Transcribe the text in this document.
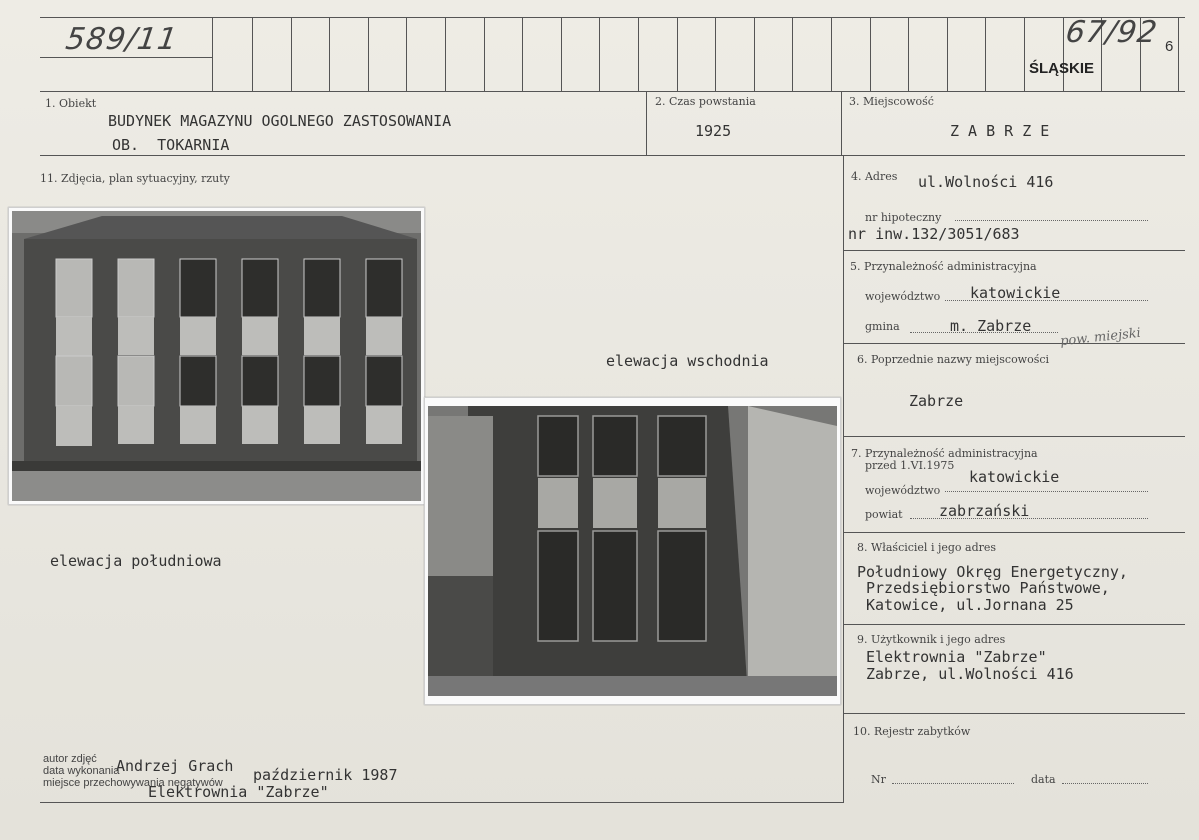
589/11	67/92
ŚLĄSKIE
6
1. Obiekt
BUDYNEK MAGAZYNU OGOLNEGO ZASTOSOWANIA
OB.  TOKARNIA
2. Czas powstania
1925
3. Miejscowość
Z A B R Z E
11. Zdjęcia, plan sytuacyjny, rzuty	4. Adres ul.Wolności 416
nr hipoteczny
nr inw.132/3051/683
5. Przynależność administracyjna
województwo katowickie
gmina	m. Zabrze pow. miejski
6. Poprzednie nazwy miejscowości
Zabrze
7. Przynależność administracyjna
przed 1.VI.1975
województwo
katowickie
powiat zabrzański
8. Właściciel i jego adres
Południowy Okręg Energetyczny,
Przedsiębiorstwo Państwowe,
Katowice, ul.Jornana 25
9. Użytkownik i jego adres
Elektrownia "Zabrze"
Zabrze, ul.Wolności 416
10. Rejestr zabytków
Nr	data
elewacja wschodnia
elewacja południowa
autor zdjęć Andrzej Grach
data wykonania	październik 1987
miejsce przechowywania negatywów
Elektrownia "Zabrze"
